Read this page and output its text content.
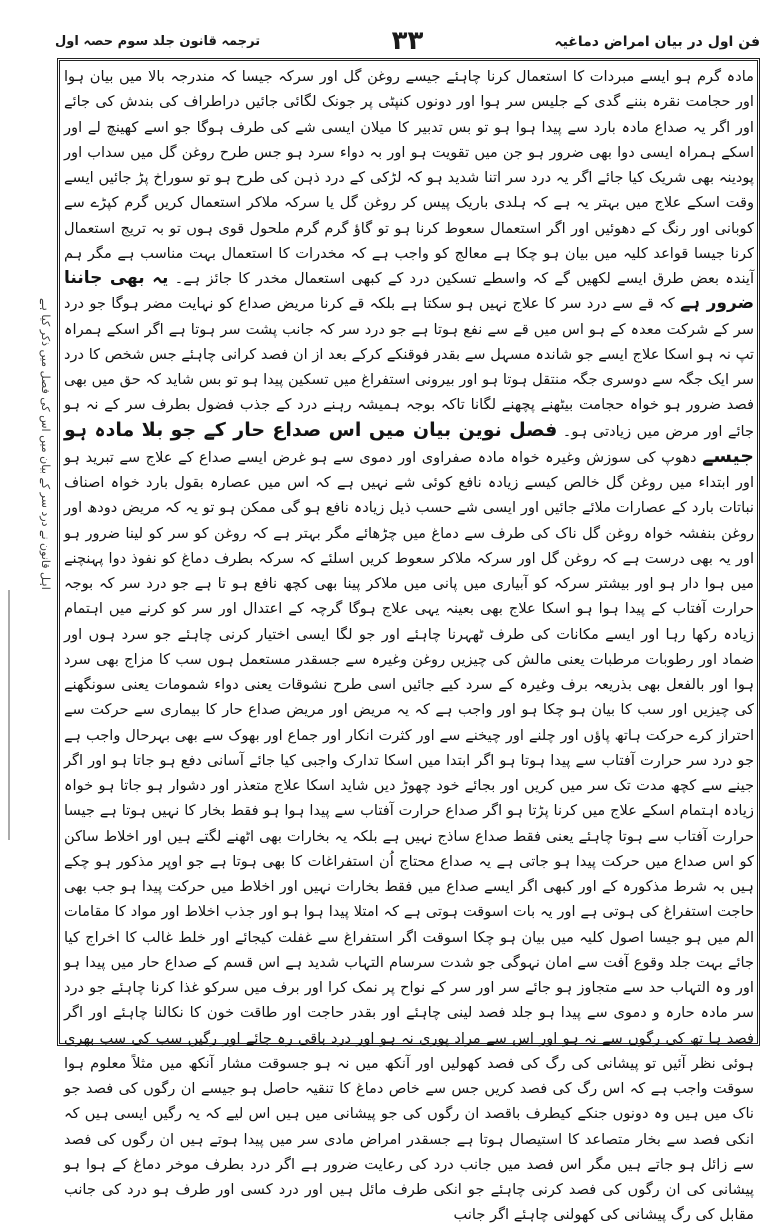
فن اول در بیان امراض دماغیہ
۳۳
ترجمہ قانون جلد سوم حصہ اول
اہل قانون نے درد سر کے بیان میں اس کی فصل میں ذکر کیا ہے

مادہ گرم ہو ایسے مبردات کا استعمال کرنا چاہئے جیسے روغن گل اور سرکہ جیسا کہ مندرجہ بالا میں بیان ہوا اور حجامت نقرہ بننے گدی کے جلیس سر ہوا اور دونوں کنپٹی پر جونک لگائی جائیں دراطراف کی بندش کی جائے اور اگر یہ صداع مادہ بارد سے پیدا ہوا ہو تو بس تدبیر کا میلان ایسی شے کی طرف ہوگا جو اسے کھینچ لے اور اسکے ہمراہ ایسی دوا بھی ضرور ہو جن میں تقویت ہو اور بہ دواء سرد ہو جس طرح روغن گل میں سداب اور پودینہ بھی شریک کیا جائے اگر یہ درد سر اتنا شدید ہو کہ لڑکی کے درد ذہن کی طرح ہو تو سوراخ پڑ جائیں ایسے وقت اسکے علاج میں بہتر یہ ہے کہ ہلدی باریک پیس کر روغن گل یا سرکہ ملاکر استعمال کریں گرم کپڑے سے کوبانی اور رنگ کے دھوئیں اور اگر استعمال سعوط کرنا ہو تو گاؤ گرم گرم ملحول قوی ہوں تو بہ تریج استعمال کرنا جیسا قواعد کلیہ میں بیان ہو چکا ہے معالج کو واجب ہے کہ مخدرات کا استعمال بہت مناسب ہے مگر ہم آیندہ بعض طرق ایسے لکھیں گے کہ واسطے تسکین درد کے کبھی استعمال مخدر کا جائز ہے۔ یہ بھی جاننا ضرور ہے کہ قے سے درد سر کا علاج نہیں ہو سکتا ہے بلکہ قے کرنا مریض صداع کو نہایت مضر ہوگا جو درد سر کے شرکت معدہ کے ہو اس میں قے سے نفع ہوتا ہے جو درد سر کہ جانب پشت سر ہوتا ہے اگر اسکے ہمراہ تپ نہ ہو اسکا علاج ایسے جو شاندہ مسہل سے بقدر فوقنکے کرکے بعد از ان فصد کرانی چاہئے جس شخص کا درد سر ایک جگہ سے دوسری جگہ منتقل ہوتا ہو اور بیرونی استفراغ میں تسکین پیدا ہو تو بس شاید کہ حق میں بھی فصد ضرور ہو خواہ حجامت بیٹھنے پچھنے لگانا تاکہ بوجہ ہمیشہ رہنے درد کے جذب فضول بطرف سر کے نہ ہو جائے اور مرض میں زیادتی ہو۔ فصل نوین بیان میں اس صداع حار کے جو بلا مادہ ہو جیسے دھوپ کی سوزش وغیرہ خواہ مادہ صفراوی اور دموی سے ہو غرض ایسے صداع کے علاج سے تبرید ہو اور ابتداء میں روغن گل خالص کیسے زیادہ نافع کوئی شے نہیں ہے کہ اس میں عصارہ بقول بارد خواہ اصناف نباتات بارد کے عصارات ملائے جائیں اور ایسی شے حسب ذیل زیادہ نافع ہو گی ممکن ہو تو یہ کہ مریض دودھ اور روغن بنفشہ خواہ روغن گل ناک کی طرف سے دماغ میں چڑھائے مگر بہتر ہے کہ روغن کو سر کو لینا ضرور ہو اور یہ بھی درست ہے کہ روغن گل اور سرکہ ملاکر سعوط کریں اسلئے کہ سرکہ بطرف دماغ کو نفوذ دوا پہنچنے میں ہوا دار ہو اور بیشتر سرکہ کو آبیاری میں پانی میں ملاکر پینا بھی کچھ نافع ہو تا ہے جو درد سر کہ بوجہ حرارت آفتاب کے پیدا ہوا ہو اسکا علاج بھی بعینہ یہی علاج ہوگا گرچہ کے اعتدال اور سر کو کرنے میں اہتمام زیادہ رکھا رہا اور ایسے مکانات کی طرف ٹھہرنا چاہئے اور جو لگا ایسی اختیار کرنی چاہئے جو سرد ہوں اور ضماد اور رطوبات مرطبات یعنی مالش کی چیزیں روغن وغیرہ سے جسقدر مستعمل ہوں سب کا مزاج بھی سرد ہوا اور بالفعل بھی بذریعہ برف وغیرہ کے سرد کیے جائیں اسی طرح نشوقات یعنی دواء شمومات یعنی سونگھنے کی چیزیں اور سب کا بیان ہو چکا ہو اور واجب ہے کہ یہ مریض اور مریض صداع حار کا بیماری سے حرکت سے احتراز کرے حرکت ہاتھ پاؤں اور چلنے اور چیخنے سے اور کثرت انکار اور جماع اور بھوک سے بھی بہرحال واجب ہے جو درد سر حرارت آفتاب سے پیدا ہوتا ہو اگر ابتدا میں اسکا تدارک واجبی کیا جائے آسانی دفع ہو جاتا ہو اور اگر جینے سے کچھ مدت تک سر میں کریں اور بجائے خود چھوڑ دیں شاید اسکا علاج متعذر اور دشوار ہو جاتا ہو خواہ زیادہ اہتمام اسکے علاج میں کرنا پڑتا ہو اگر صداع حرارت آفتاب سے پیدا ہوا ہو فقط بخار کا نہیں ہوتا ہے جیسا حرارت آفتاب سے ہوتا چاہئے یعنی فقط صداع ساذج نہیں ہے بلکہ یہ بخارات بھی اٹھنے لگتے ہیں اور اخلاط ساکن کو اس صداع میں حرکت پیدا ہو جاتی ہے یہ صداع محتاج اُن استفراغات کا بھی ہوتا ہے جو اوپر مذکور ہو چکے ہیں بہ شرط مذکورہ کے اور کبھی اگر ایسے صداع میں فقط بخارات نہیں اور اخلاط میں حرکت پیدا ہو جب بھی حاجت استفراغ کی ہوتی ہے اور یہ بات اسوقت ہوتی ہے کہ امتلا پیدا ہوا ہو اور جذب اخلاط اور مواد کا مقامات الم میں ہو جیسا اصول کلیہ میں بیان ہو چکا اسوقت اگر استفراغ سے غفلت کیجائے اور خلط غالب کا اخراج کیا جائے بہت جلد وقوع آفت سے امان نہوگی جو شدت سرسام التہاب شدید ہے اس قسم کے صداع حار میں پیدا ہو اور وہ التہاب حد سے متجاوز ہو جائے سر اور سر کے نواح پر نمک کرا اور برف میں سرکو غذا کرنا چاہئے جو درد سر مادہ حارہ و دموی سے پیدا ہو جلد فصد لینی چاہئے اور بقدر حاجت اور طاقت خون کا نکالنا چاہئے اور اگر فصد ہا تھ کی رگوں سے نہ ہو اور اس سے مراد پوری نہ ہو اور درد باقی رہ جائے اور رگیں سب کی سب بھری ہوئی نظر آئیں تو پیشانی کی رگ کی فصد کھولیں اور آنکھ میں نہ ہو جسوقت مشار آنکھ میں مثلاً معلوم ہوا سوقت واجب ہے کہ اس رگ کی فصد کریں جس سے خاص دماغ کا تنقیہ حاصل ہو جیسے ان رگوں کی فصد جو ناک میں ہیں وہ دونوں جنکے کیطرف باقصد ان رگوں کی جو پیشانی میں ہیں اس لیے کہ یہ رگیں ایسی ہیں کہ انکی فصد سے بخار متصاعد کا استیصال ہوتا ہے جسقدر امراض مادی سر میں پیدا ہوتے ہیں ان رگوں کی فصد سے زائل ہو جاتے ہیں مگر اس فصد میں جانب درد کی رعایت ضرور ہے اگر درد بطرف موخر دماغ کے ہوا ہو پیشانی کی ان رگوں کی فصد کرنی چاہئے جو انکی طرف مائل ہیں اور درد کسی اور طرف ہو درد کی جانب مقابل کی رگ پیشانی کی کھولنی چاہئے اگر جانب
